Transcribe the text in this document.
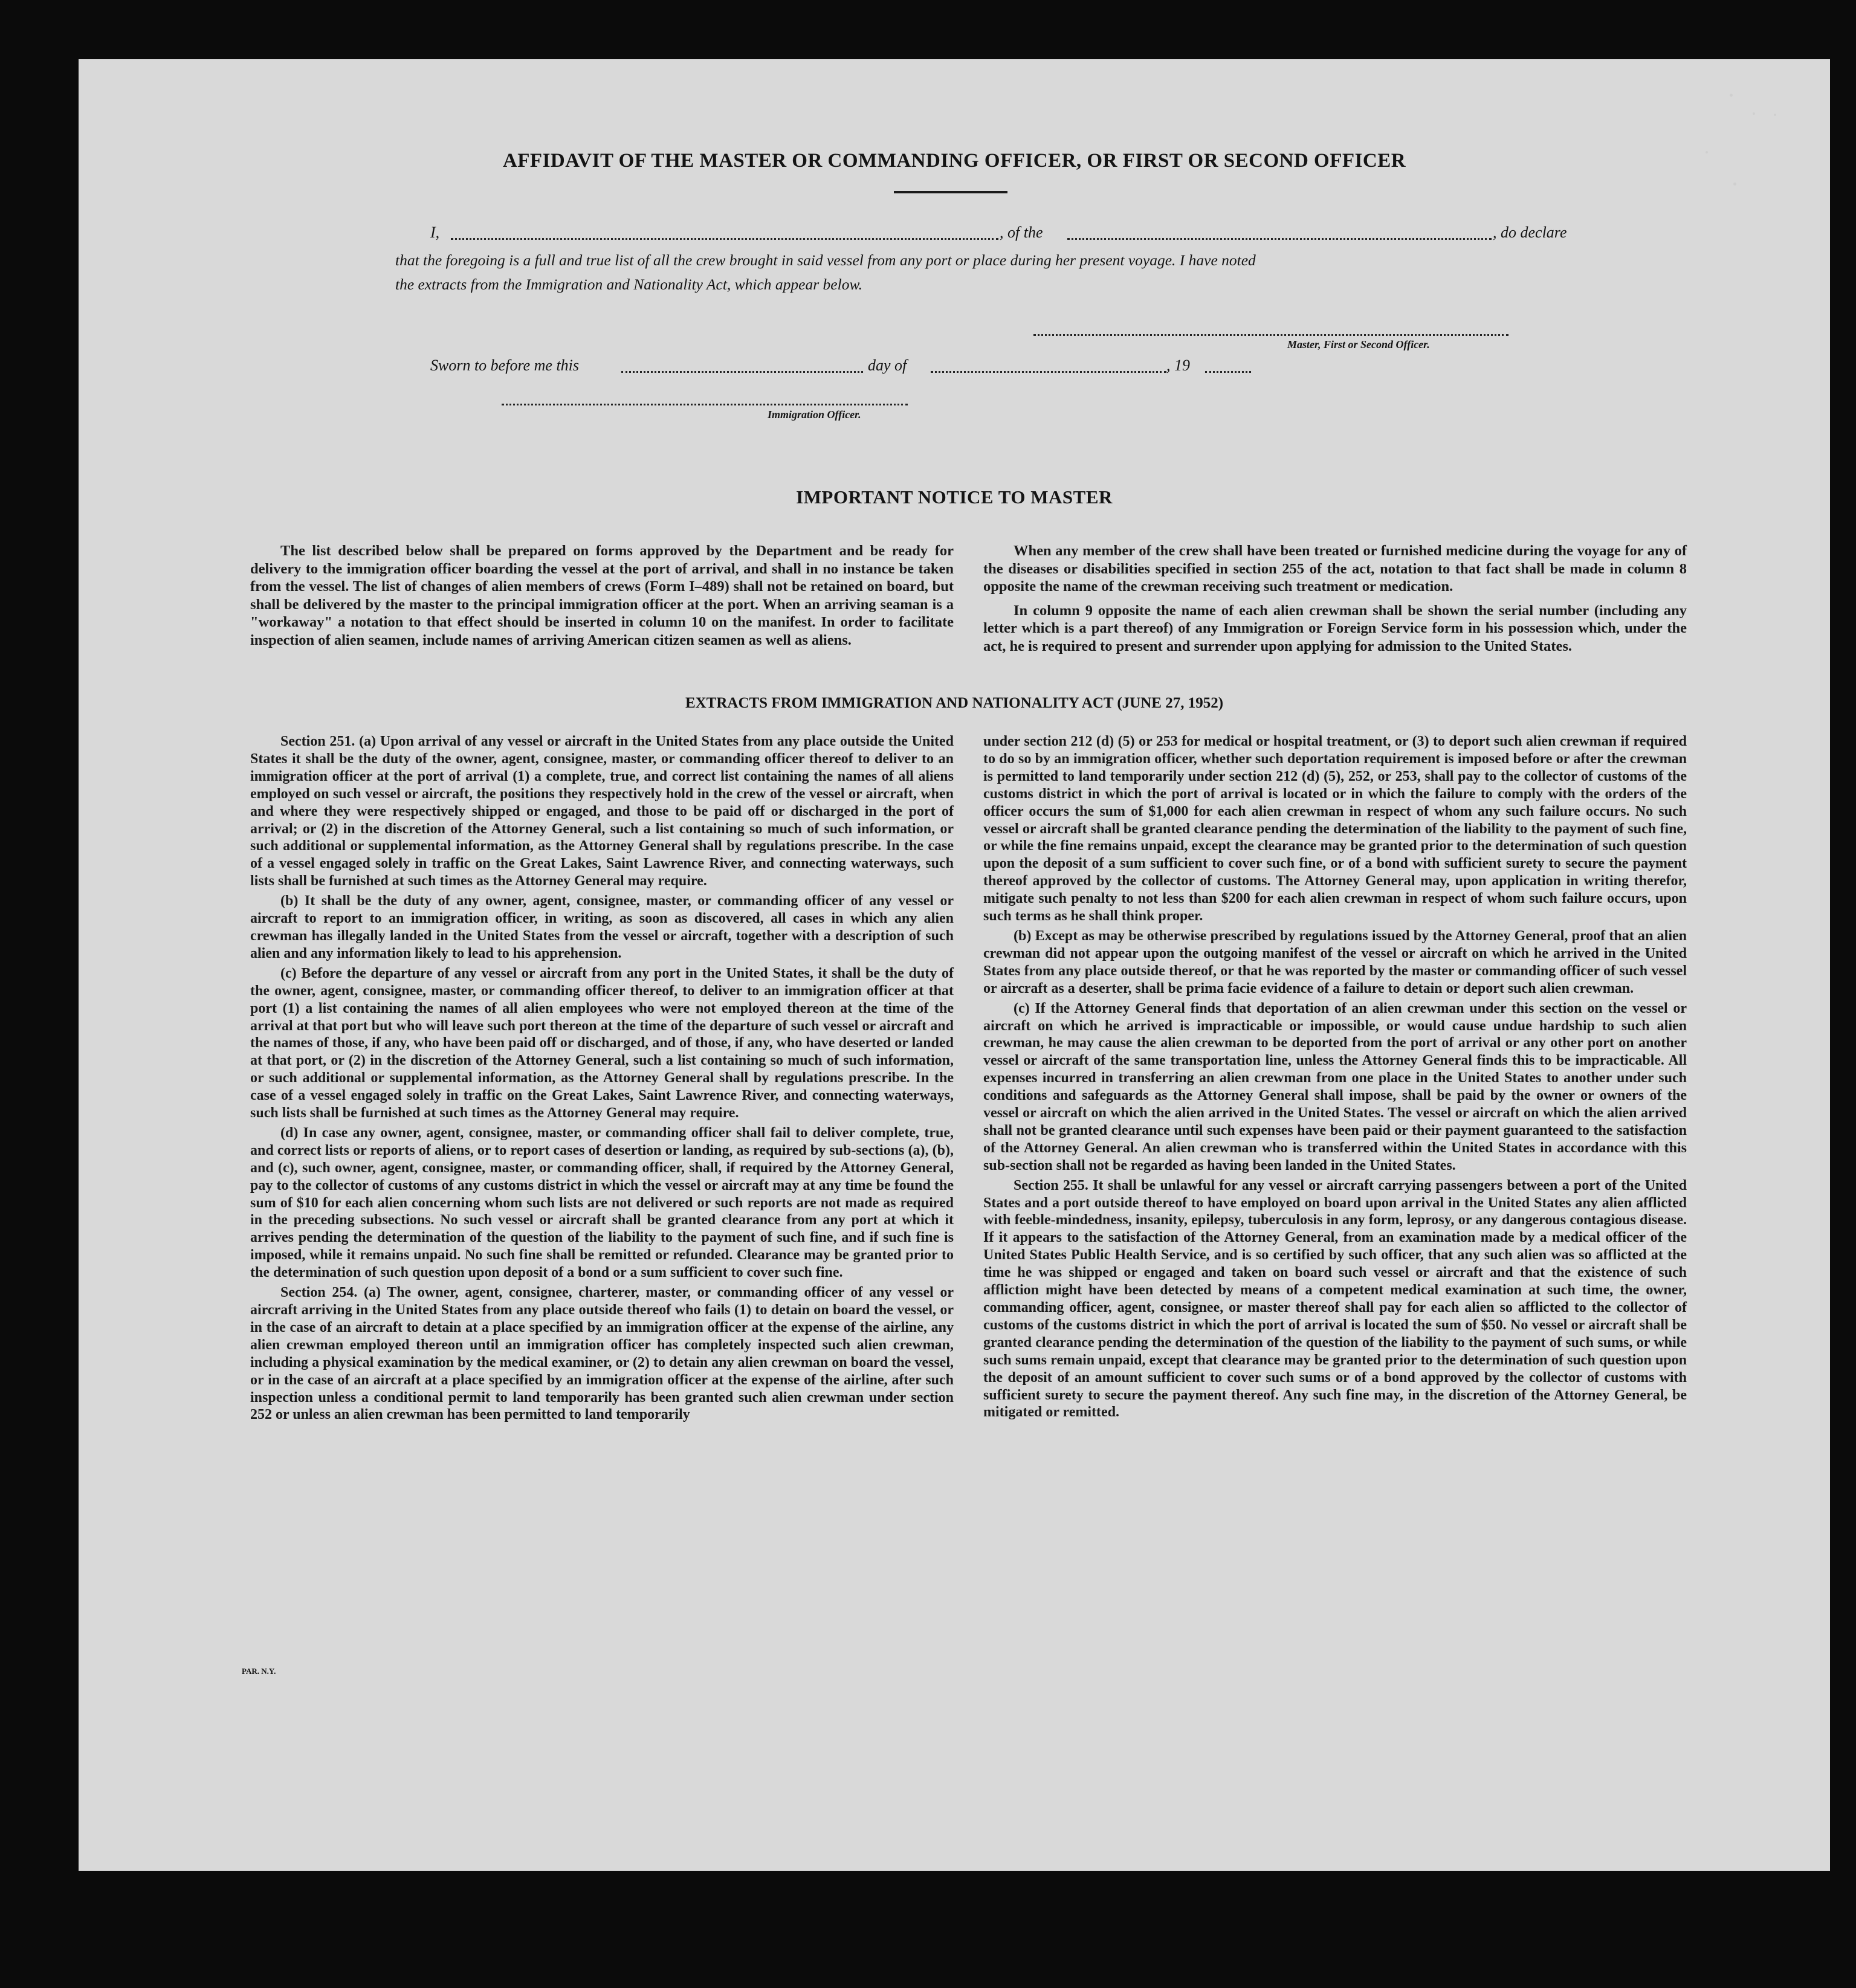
AFFIDAVIT OF THE MASTER OR COMMANDING OFFICER, OR FIRST OR SECOND OFFICER
I,	, of the	, do declare
that the foregoing is a full and true list of all the crew brought in said vessel from any port or place during her present voyage. I have noted
the extracts from the Immigration and Nationality Act, which appear below.
Master, First or Second Officer.
Sworn to before me this	day of	, 19
Immigration Officer.
IMPORTANT NOTICE TO MASTER

The list described below shall be prepared on forms approved by the Department and be ready for delivery to the immigration officer boarding the vessel at the port of arrival, and shall in no instance be taken from the vessel. The list of changes of alien members of crews (Form I–489) shall not be retained on board, but shall be delivered by the master to the principal immigration officer at the port. When an arriving seaman is a "workaway" a notation to that effect should be inserted in column 10 on the manifest. In order to facilitate inspection of alien seamen, include names of arriving American citizen seamen as well as aliens.

When any member of the crew shall have been treated or furnished medicine during the voyage for any of the diseases or disabilities specified in section 255 of the act, notation to that fact shall be made in column 8 opposite the name of the crewman receiving such treatment or medication.

In column 9 opposite the name of each alien crewman shall be shown the serial number (including any letter which is a part thereof) of any Immigration or Foreign Service form in his possession which, under the act, he is required to present and surrender upon applying for admission to the United States.

EXTRACTS FROM IMMIGRATION AND NATIONALITY ACT (JUNE 27, 1952)

Section 251. (a) Upon arrival of any vessel or aircraft in the United States from any place outside the United States it shall be the duty of the owner, agent, consignee, master, or commanding officer thereof to deliver to an immigration officer at the port of arrival (1) a complete, true, and correct list containing the names of all aliens employed on such vessel or aircraft, the positions they respectively hold in the crew of the vessel or aircraft, when and where they were respectively shipped or engaged, and those to be paid off or discharged in the port of arrival; or (2) in the discretion of the Attorney General, such a list containing so much of such information, or such additional or supplemental information, as the Attorney General shall by regulations prescribe. In the case of a vessel engaged solely in traffic on the Great Lakes, Saint Lawrence River, and connecting waterways, such lists shall be furnished at such times as the Attorney General may require.

(b) It shall be the duty of any owner, agent, consignee, master, or commanding officer of any vessel or aircraft to report to an immigration officer, in writing, as soon as discovered, all cases in which any alien crewman has illegally landed in the United States from the vessel or aircraft, together with a description of such alien and any information likely to lead to his apprehension.

(c) Before the departure of any vessel or aircraft from any port in the United States, it shall be the duty of the owner, agent, consignee, master, or commanding officer thereof, to deliver to an immigration officer at that port (1) a list containing the names of all alien employees who were not employed thereon at the time of the arrival at that port but who will leave such port thereon at the time of the departure of such vessel or aircraft and the names of those, if any, who have been paid off or discharged, and of those, if any, who have deserted or landed at that port, or (2) in the discretion of the Attorney General, such a list containing so much of such information, or such additional or supplemental information, as the Attorney General shall by regulations prescribe. In the case of a vessel engaged solely in traffic on the Great Lakes, Saint Lawrence River, and connecting waterways, such lists shall be furnished at such times as the Attorney General may require.

(d) In case any owner, agent, consignee, master, or commanding officer shall fail to deliver complete, true, and correct lists or reports of aliens, or to report cases of desertion or landing, as required by sub-sections (a), (b), and (c), such owner, agent, consignee, master, or commanding officer, shall, if required by the Attorney General, pay to the collector of customs of any customs district in which the vessel or aircraft may at any time be found the sum of $10 for each alien concerning whom such lists are not delivered or such reports are not made as required in the preceding subsections. No such vessel or aircraft shall be granted clearance from any port at which it arrives pending the determination of the question of the liability to the payment of such fine, and if such fine is imposed, while it remains unpaid. No such fine shall be remitted or refunded. Clearance may be granted prior to the determination of such question upon deposit of a bond or a sum sufficient to cover such fine.

Section 254. (a) The owner, agent, consignee, charterer, master, or commanding officer of any vessel or aircraft arriving in the United States from any place outside thereof who fails (1) to detain on board the vessel, or in the case of an aircraft to detain at a place specified by an immigration officer at the expense of the airline, any alien crewman employed thereon until an immigration officer has completely inspected such alien crewman, including a physical examination by the medical examiner, or (2) to detain any alien crewman on board the vessel, or in the case of an aircraft at a place specified by an immigration officer at the expense of the airline, after such inspection unless a conditional permit to land temporarily has been granted such alien crewman under section 252 or unless an alien crewman has been permitted to land temporarily

under section 212 (d) (5) or 253 for medical or hospital treatment, or (3) to deport such alien crewman if required to do so by an immigration officer, whether such deportation requirement is imposed before or after the crewman is permitted to land temporarily under section 212 (d) (5), 252, or 253, shall pay to the collector of customs of the customs district in which the port of arrival is located or in which the failure to comply with the orders of the officer occurs the sum of $1,000 for each alien crewman in respect of whom any such failure occurs. No such vessel or aircraft shall be granted clearance pending the determination of the liability to the payment of such fine, or while the fine remains unpaid, except the clearance may be granted prior to the determination of such question upon the deposit of a sum sufficient to cover such fine, or of a bond with sufficient surety to secure the payment thereof approved by the collector of customs. The Attorney General may, upon application in writing therefor, mitigate such penalty to not less than $200 for each alien crewman in respect of whom such failure occurs, upon such terms as he shall think proper.

(b) Except as may be otherwise prescribed by regulations issued by the Attorney General, proof that an alien crewman did not appear upon the outgoing manifest of the vessel or aircraft on which he arrived in the United States from any place outside thereof, or that he was reported by the master or commanding officer of such vessel or aircraft as a deserter, shall be prima facie evidence of a failure to detain or deport such alien crewman.

(c) If the Attorney General finds that deportation of an alien crewman under this section on the vessel or aircraft on which he arrived is impracticable or impossible, or would cause undue hardship to such alien crewman, he may cause the alien crewman to be deported from the port of arrival or any other port on another vessel or aircraft of the same transportation line, unless the Attorney General finds this to be impracticable. All expenses incurred in transferring an alien crewman from one place in the United States to another under such conditions and safeguards as the Attorney General shall impose, shall be paid by the owner or owners of the vessel or aircraft on which the alien arrived in the United States. The vessel or aircraft on which the alien arrived shall not be granted clearance until such expenses have been paid or their payment guaranteed to the satisfaction of the Attorney General. An alien crewman who is transferred within the United States in accordance with this sub-section shall not be regarded as having been landed in the United States.

Section 255. It shall be unlawful for any vessel or aircraft carrying passengers between a port of the United States and a port outside thereof to have employed on board upon arrival in the United States any alien afflicted with feeble-mindedness, insanity, epilepsy, tuberculosis in any form, leprosy, or any dangerous contagious disease. If it appears to the satisfaction of the Attorney General, from an examination made by a medical officer of the United States Public Health Service, and is so certified by such officer, that any such alien was so afflicted at the time he was shipped or engaged and taken on board such vessel or aircraft and that the existence of such affliction might have been detected by means of a competent medical examination at such time, the owner, commanding officer, agent, consignee, or master thereof shall pay for each alien so afflicted to the collector of customs of the customs district in which the port of arrival is located the sum of $50. No vessel or aircraft shall be granted clearance pending the determination of the question of the liability to the payment of such sums, or while such sums remain unpaid, except that clearance may be granted prior to the determination of such question upon the deposit of an amount sufficient to cover such sums or of a bond approved by the collector of customs with sufficient surety to secure the payment thereof. Any such fine may, in the discretion of the Attorney General, be mitigated or remitted.

PAR. N.Y.
